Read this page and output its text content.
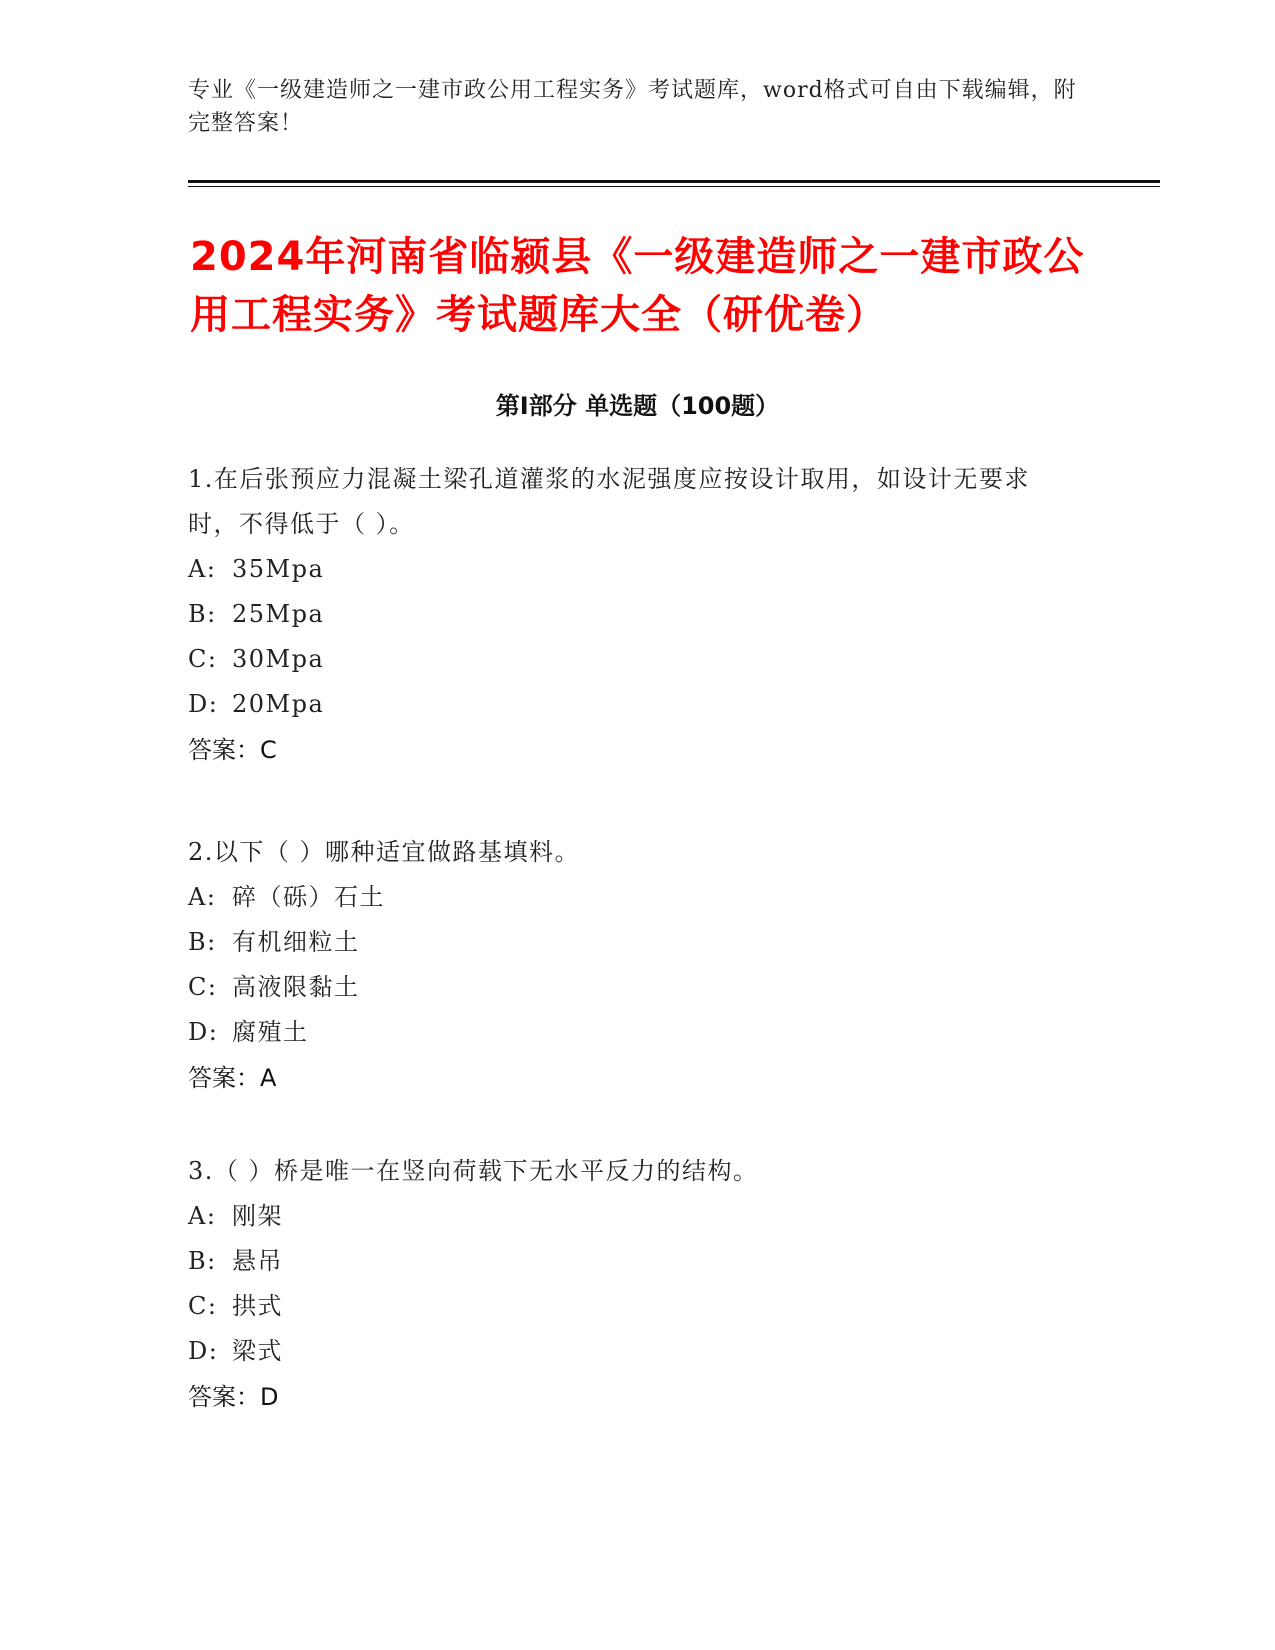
专业《一级建造师之一建市政公用工程实务》考试题库，word格式可自由下载编辑，附完整答案！
2024年河南省临颍县《一级建造师之一建市政公用工程实务》考试题库大全（研优卷）
第Ⅰ部分 单选题（100题）
1.在后张预应力混凝土梁孔道灌浆的水泥强度应按设计取用，如设计无要求时，不得低于（ ）。
A: 35Mpa
B: 25Mpa
C: 30Mpa
D: 20Mpa
答案：C
2.以下（ ）哪种适宜做路基填料。
A: 碎（砾）石土
B: 有机细粒土
C: 高液限黏土
D: 腐殖土
答案：A
3.（ ）桥是唯一在竖向荷载下无水平反力的结构。
A: 刚架
B: 悬吊
C: 拱式
D: 梁式
答案：D
